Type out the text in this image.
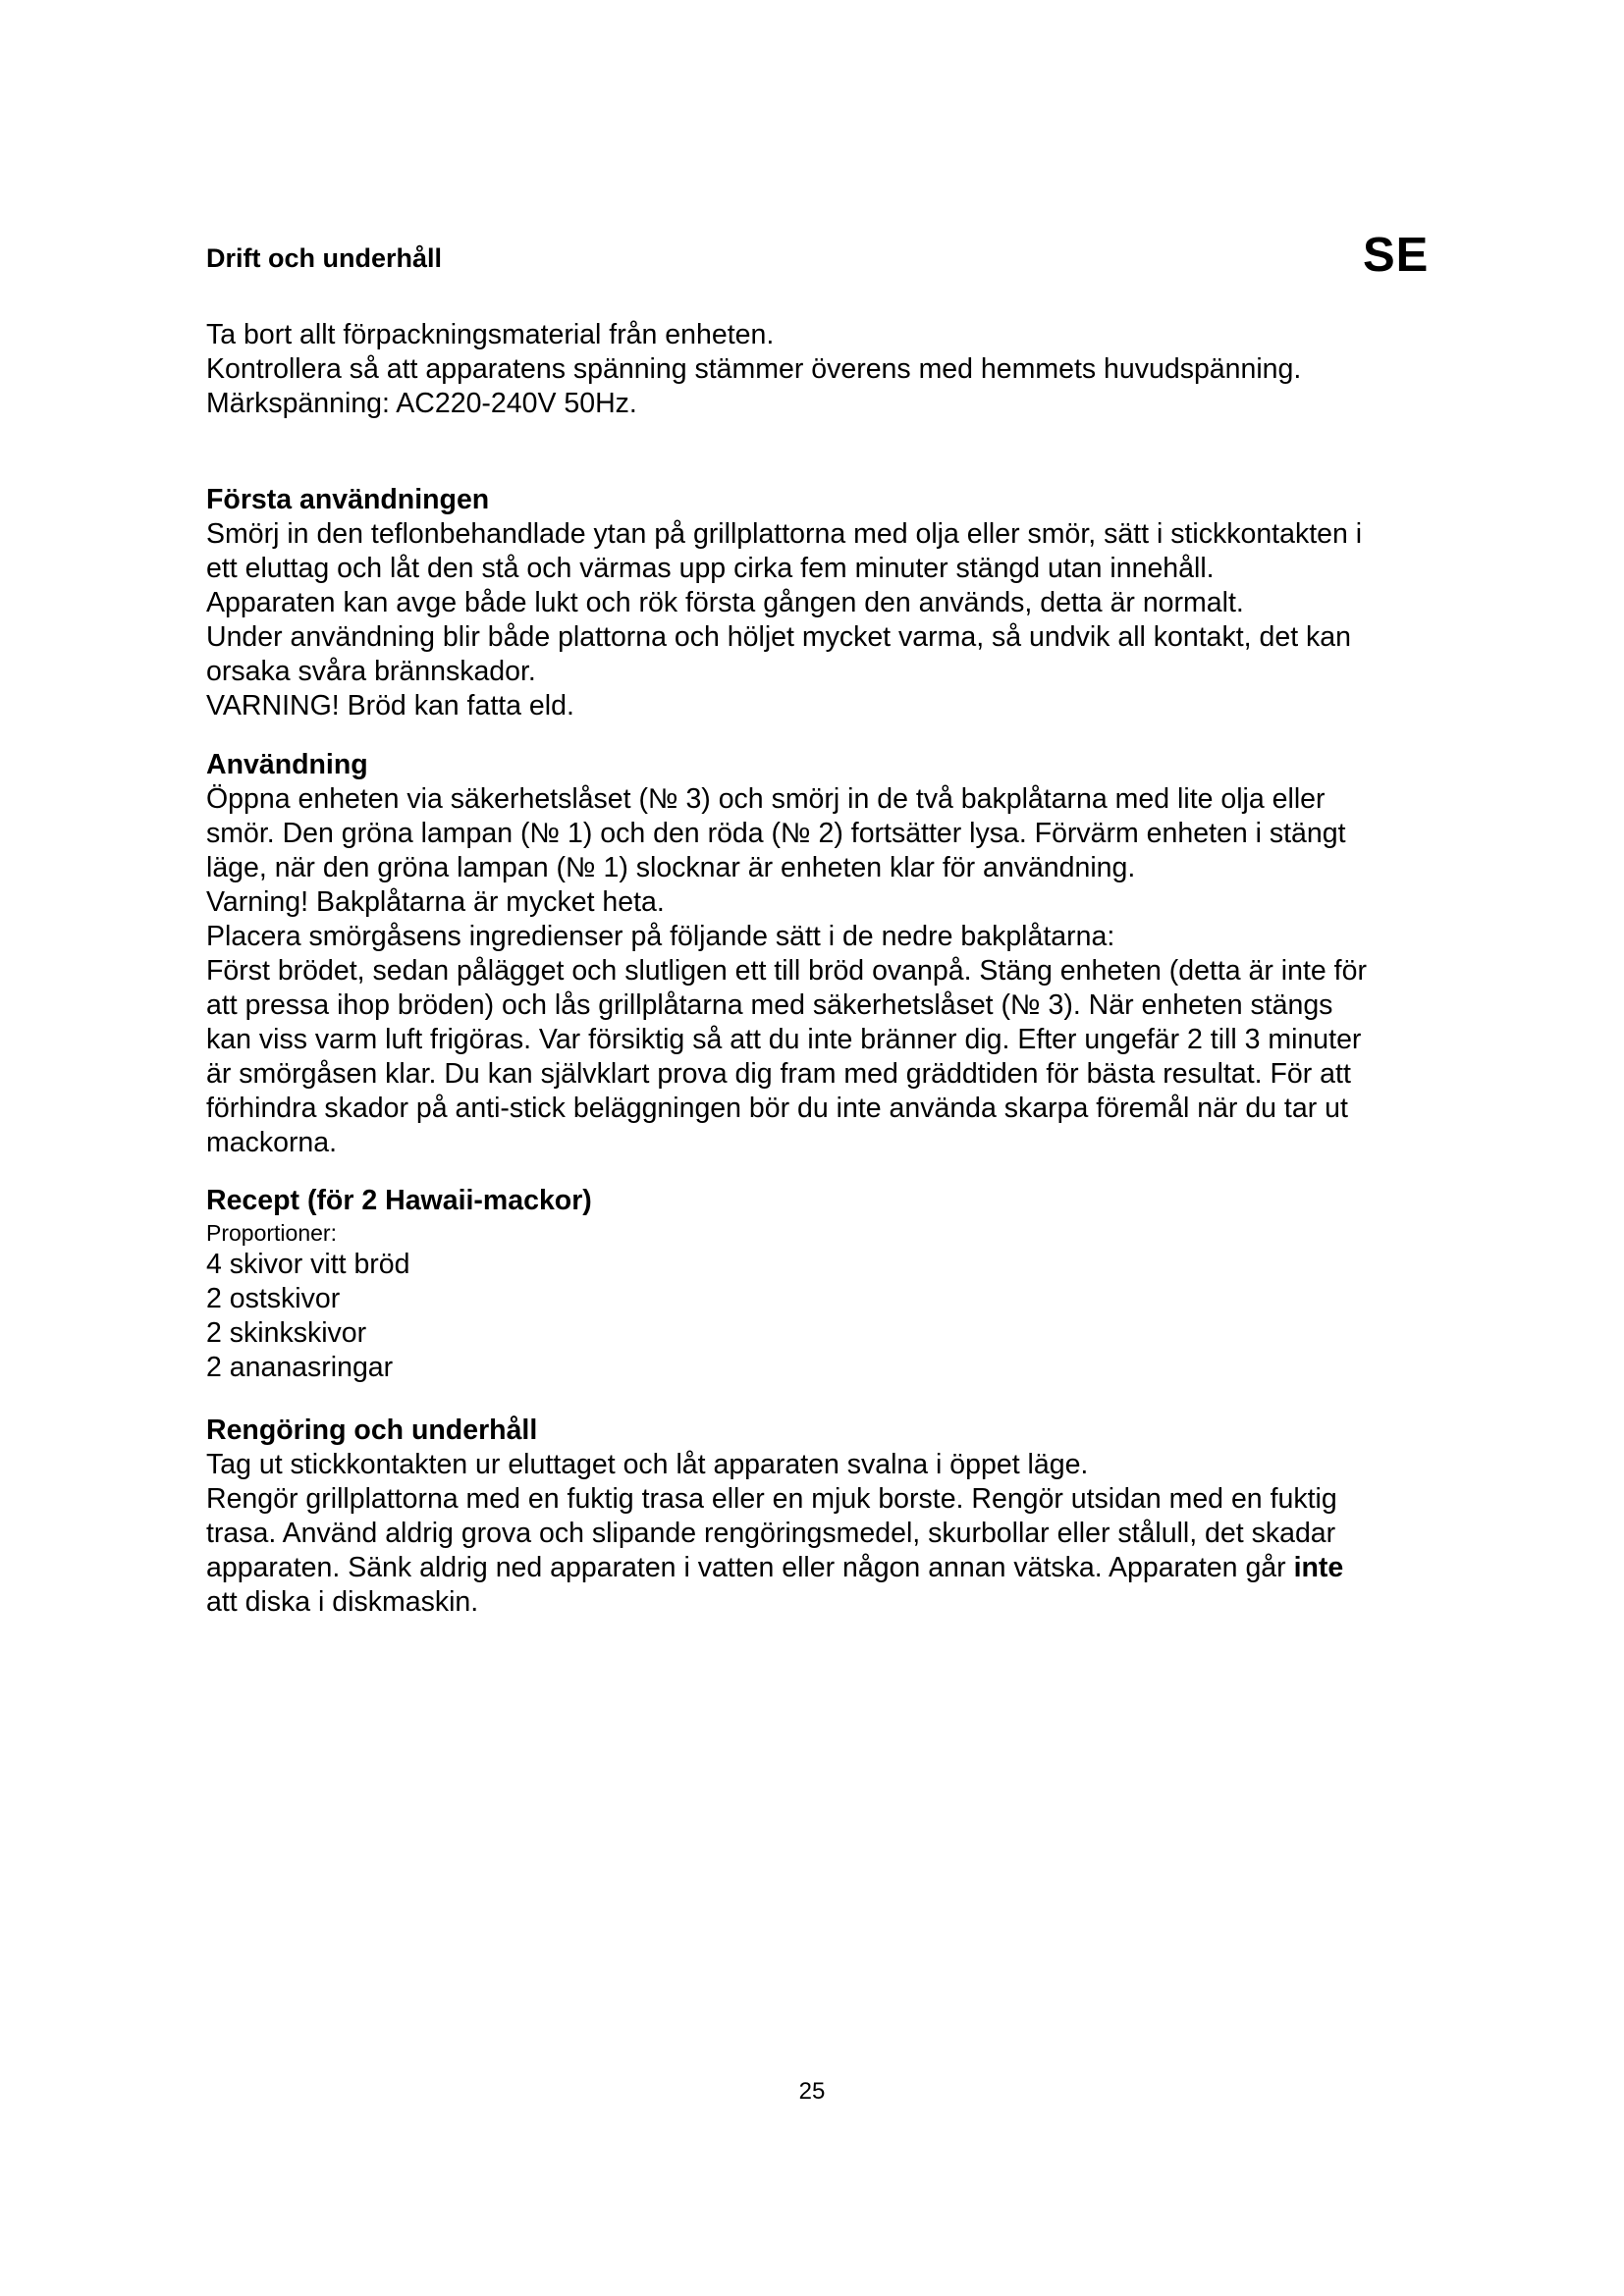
Drift och underhåll	SE

Ta bort allt förpackningsmaterial från enheten.

Kontrollera så att apparatens spänning stämmer överens med hemmets huvudspänning.

Märkspänning: AC220-240V 50Hz.

Första användningen

Smörj in den teflonbehandlade ytan på grillplattorna med olja eller smör, sätt i stickkontakten i

ett eluttag och låt den stå och värmas upp cirka fem minuter stängd utan innehåll.

Apparaten kan avge både lukt och rök första gången den används, detta är normalt.

Under användning blir både plattorna och höljet mycket varma, så undvik all kontakt, det kan

orsaka svåra brännskador.

VARNING! Bröd kan fatta eld.

Användning

Öppna enheten via säkerhetslåset (№ 3) och smörj in de två bakplåtarna med lite olja eller

smör. Den gröna lampan (№ 1) och den röda (№ 2) fortsätter lysa. Förvärm enheten i stängt

läge, när den gröna lampan (№ 1) slocknar är enheten klar för användning.

Varning! Bakplåtarna är mycket heta.

Placera smörgåsens ingredienser på följande sätt i de nedre bakplåtarna:

Först brödet, sedan pålägget och slutligen ett till bröd ovanpå. Stäng enheten (detta är inte för

att pressa ihop bröden) och lås grillplåtarna med säkerhetslåset (№ 3). När enheten stängs

kan viss varm luft frigöras. Var försiktig så att du inte bränner dig. Efter ungefär 2 till 3 minuter

är smörgåsen klar. Du kan självklart prova dig fram med gräddtiden för bästa resultat. För att

förhindra skador på anti-stick beläggningen bör du inte använda skarpa föremål när du tar ut

mackorna.

Recept (för 2 Hawaii-mackor)

Proportioner:

4 skivor vitt bröd

2 ostskivor

2 skinkskivor

2 ananasringar

Rengöring och underhåll

Tag ut stickkontakten ur eluttaget och låt apparaten svalna i öppet läge.

Rengör grillplattorna med en fuktig trasa eller en mjuk borste. Rengör utsidan med en fuktig

trasa. Använd aldrig grova och slipande rengöringsmedel, skurbollar eller stålull, det skadar

apparaten. Sänk aldrig ned apparaten i vatten eller någon annan vätska. Apparaten går inte

att diska i diskmaskin.

25
